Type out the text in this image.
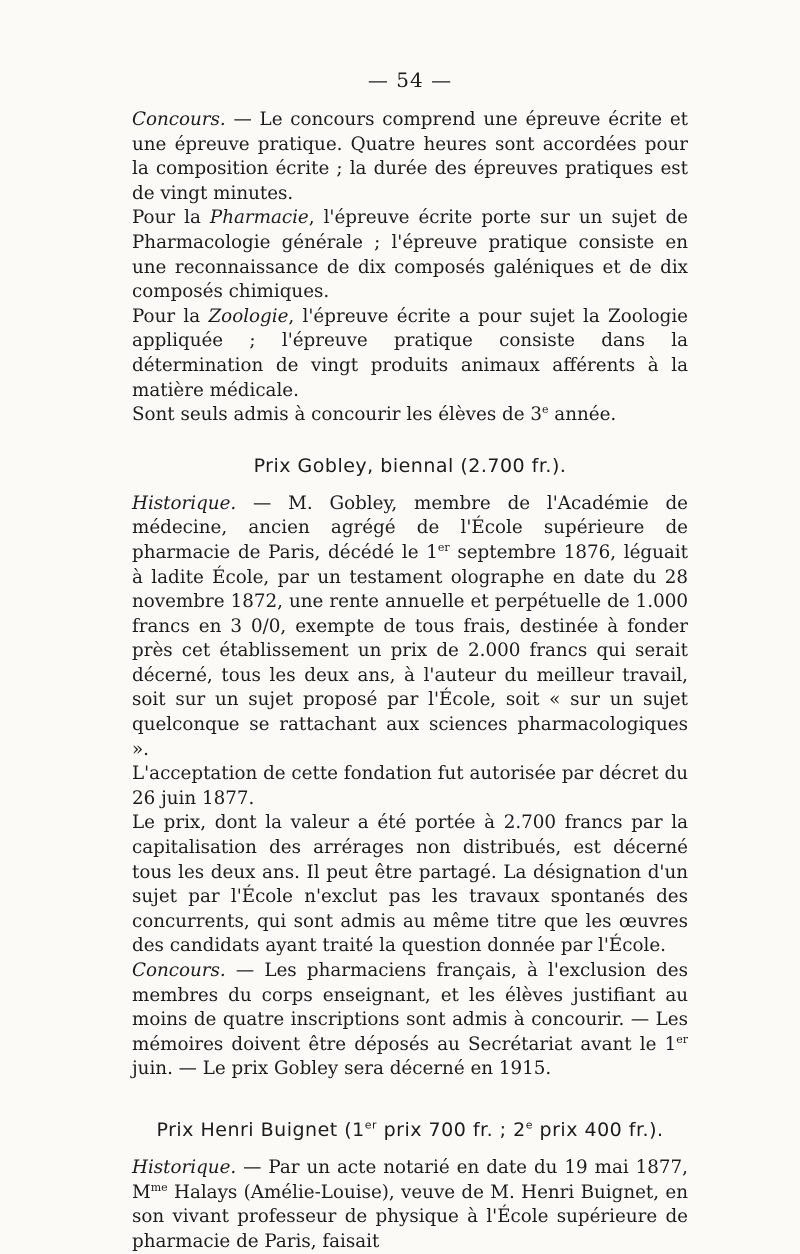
— 54 —

Concours. — Le concours comprend une épreuve écrite et une épreuve pratique. Quatre heures sont accordées pour la composition écrite ; la durée des épreuves pratiques est de vingt minutes.

Pour la Pharmacie, l'épreuve écrite porte sur un sujet de Pharmacologie générale ; l'épreuve pratique consiste en une reconnaissance de dix composés galéniques et de dix composés chimiques.

Pour la Zoologie, l'épreuve écrite a pour sujet la Zoologie appliquée ; l'épreuve pratique consiste dans la détermination de vingt produits animaux afférents à la matière médicale.

Sont seuls admis à concourir les élèves de 3e année.

Prix Gobley, biennal (2.700 fr.).

Historique. — M. Gobley, membre de l'Académie de médecine, ancien agrégé de l'École supérieure de pharmacie de Paris, décédé le 1er septembre 1876, léguait à ladite École, par un testament olographe en date du 28 novembre 1872, une rente annuelle et perpétuelle de 1.000 francs en 3 0/0, exempte de tous frais, destinée à fonder près cet établissement un prix de 2.000 francs qui serait décerné, tous les deux ans, à l'auteur du meilleur travail, soit sur un sujet proposé par l'École, soit « sur un sujet quelconque se rattachant aux sciences pharmacologiques ».

L'acceptation de cette fondation fut autorisée par décret du 26 juin 1877.

Le prix, dont la valeur a été portée à 2.700 francs par la capitalisation des arrérages non distribués, est décerné tous les deux ans. Il peut être partagé. La désignation d'un sujet par l'École n'exclut pas les travaux spontanés des concurrents, qui sont admis au même titre que les œuvres des candidats ayant traité la question donnée par l'École.

Concours. — Les pharmaciens français, à l'exclusion des membres du corps enseignant, et les élèves justifiant au moins de quatre inscriptions sont admis à concourir. — Les mémoires doivent être déposés au Secrétariat avant le 1er juin. — Le prix Gobley sera décerné en 1915.

Prix Henri Buignet (1er prix 700 fr. ; 2e prix 400 fr.).

Historique. — Par un acte notarié en date du 19 mai 1877, $M^{me}$ Halays (Amélie-Louise), veuve de M. Henri Buignet, en son vivant professeur de physique à l'École supérieure de pharmacie de Paris, faisait
